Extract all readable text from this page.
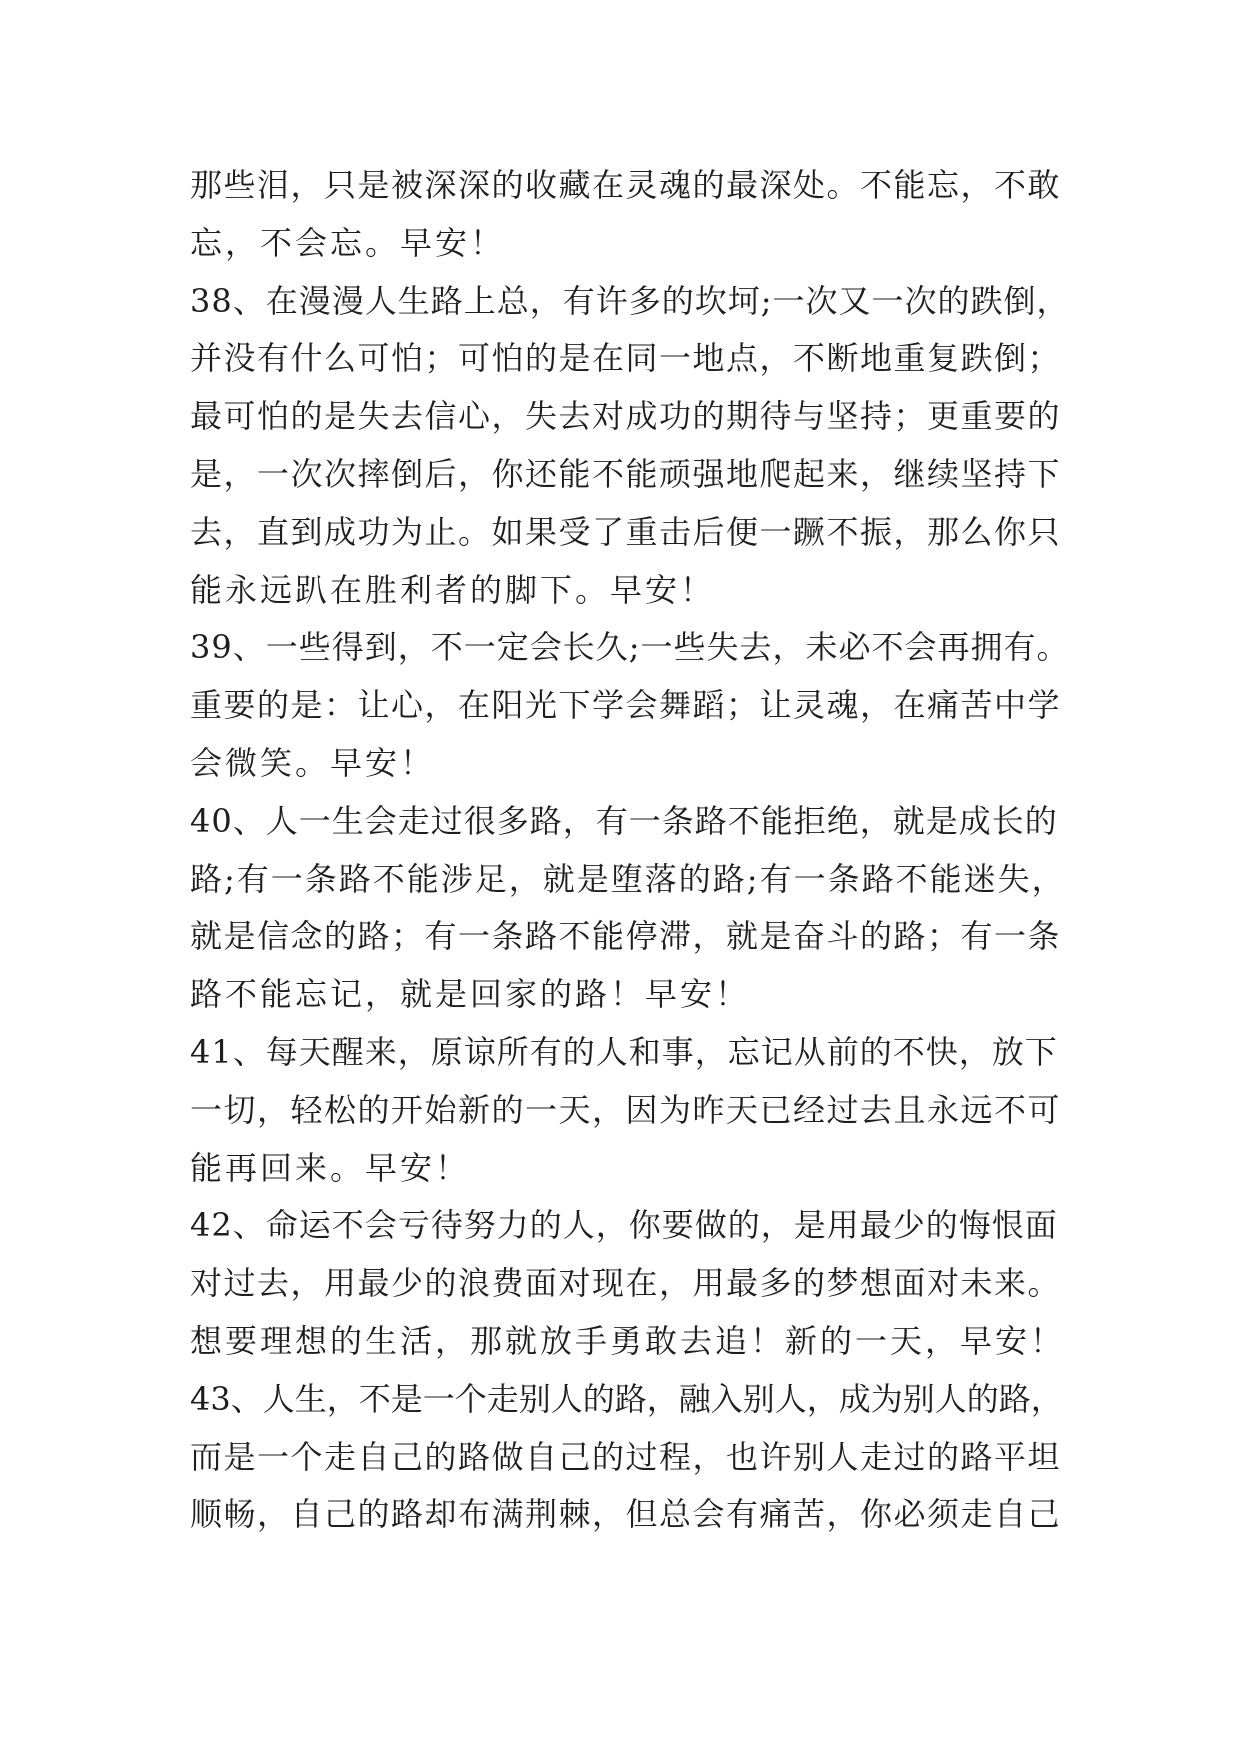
那些泪，只是被深深的收藏在灵魂的最深处。不能忘，不敢
忘，不会忘。早安！
38、在漫漫人生路上总，有许多的坎坷;一次又一次的跌倒，
并没有什么可怕；可怕的是在同一地点，不断地重复跌倒；
最可怕的是失去信心，失去对成功的期待与坚持；更重要的
是，一次次摔倒后，你还能不能顽强地爬起来，继续坚持下
去，直到成功为止。如果受了重击后便一蹶不振，那么你只
能永远趴在胜利者的脚下。早安！
39、一些得到，不一定会长久;一些失去，未必不会再拥有。
重要的是：让心，在阳光下学会舞蹈；让灵魂，在痛苦中学
会微笑。早安！
40、人一生会走过很多路，有一条路不能拒绝，就是成长的
路;有一条路不能涉足，就是堕落的路;有一条路不能迷失，
就是信念的路；有一条路不能停滞，就是奋斗的路；有一条
路不能忘记，就是回家的路！早安！
41、每天醒来，原谅所有的人和事，忘记从前的不快，放下
一切，轻松的开始新的一天，因为昨天已经过去且永远不可
能再回来。早安！
42、命运不会亏待努力的人，你要做的，是用最少的悔恨面
对过去，用最少的浪费面对现在，用最多的梦想面对未来。
想要理想的生活，那就放手勇敢去追！新的一天，早安！
43、人生，不是一个走别人的路，融入别人，成为别人的路，
而是一个走自己的路做自己的过程，也许别人走过的路平坦
顺畅，自己的路却布满荆棘，但总会有痛苦，你必须走自己
